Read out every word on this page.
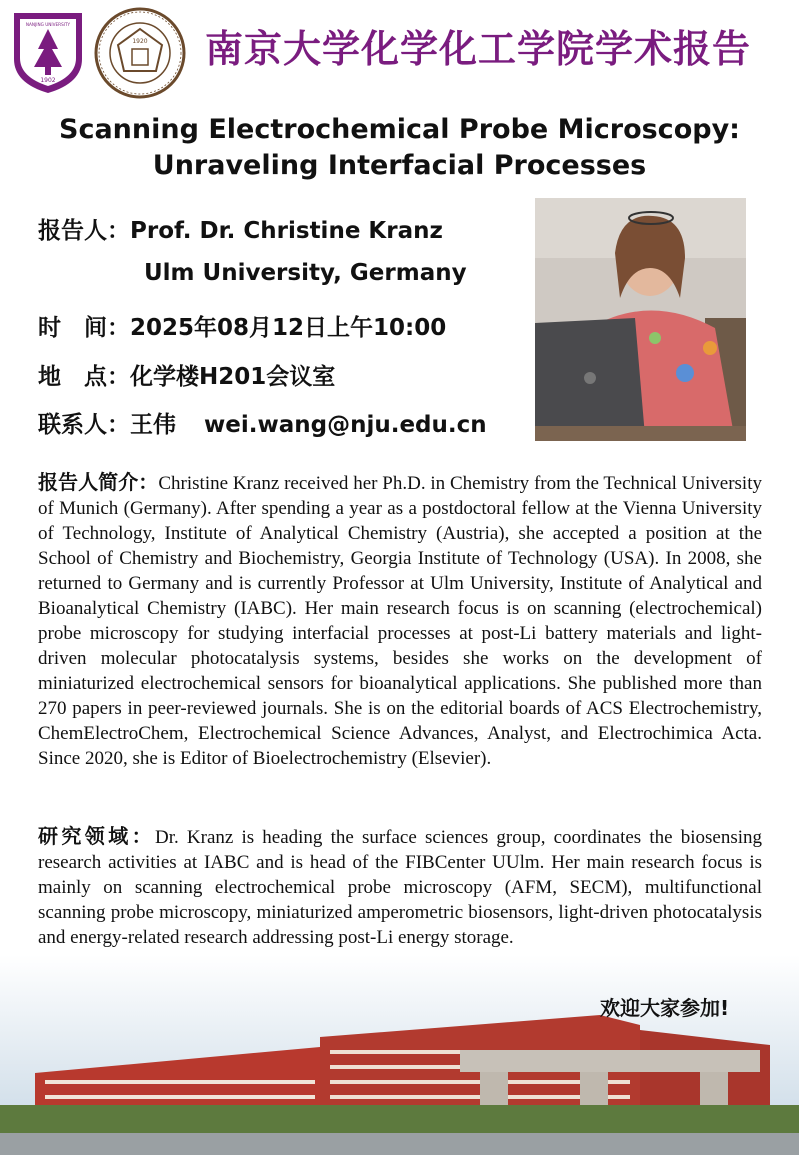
1902
NANJING UNIVERSITY
1920 南京大学化学化工学院学术报告
Scanning Electrochemical Probe Microscopy:
Unraveling Interfacial Processes
报告人：Prof. Dr. Christine Kranz
Ulm University, Germany
时　间：2025年08月12日上午10:00
地　点：化学楼H201会议室
联系人：王伟 wei.wang@nju.edu.cn
报告人简介：Christine Kranz received her Ph.D. in Chemistry from the Technical University of Munich (Germany). After spending a year as a postdoctoral fellow at the Vienna University of Technology, Institute of Analytical Chemistry (Austria), she accepted a position at the School of Chemistry and Biochemistry, Georgia Institute of Technology (USA). In 2008, she returned to Germany and is currently Professor at Ulm University, Institute of Analytical and Bioanalytical Chemistry (IABC). Her main research focus is on scanning (electrochemical) probe microscopy for studying interfacial processes at post-Li battery materials and light-driven molecular photocatalysis systems, besides she works on the development of miniaturized electrochemical sensors for bioanalytical applications. She published more than 270 papers in peer-reviewed journals. She is on the editorial boards of ACS Electrochemistry, ChemElectroChem, Electrochemical Science Advances, Analyst, and Electrochimica Acta. Since 2020, she is Editor of Bioelectrochemistry (Elsevier).
研究领域：Dr. Kranz is heading the surface sciences group, coordinates the biosensing research activities at IABC and is head of the FIBCenter UUlm. Her main research focus is mainly on scanning electrochemical probe microscopy (AFM, SECM), multifunctional scanning probe microscopy, miniaturized amperometric biosensors, light-driven photocatalysis and energy-related research addressing post-Li energy storage.
欢迎大家参加!
